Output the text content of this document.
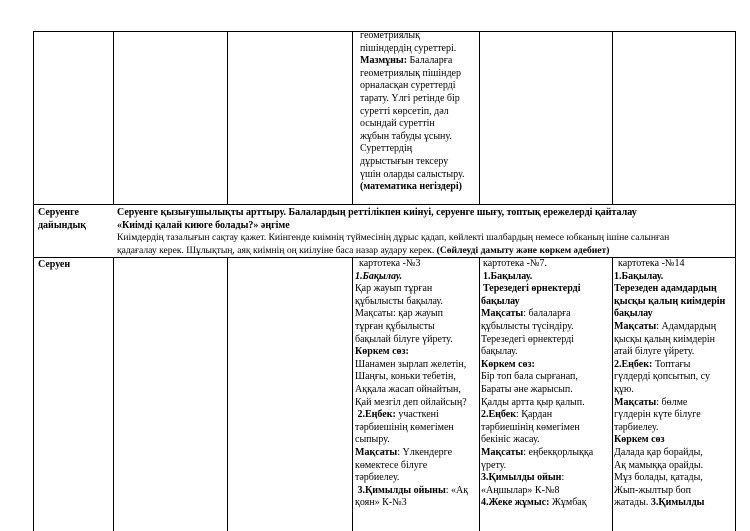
геометриялық

пішіндердің суреттері.

Мазмұны: Балаларға

геометриялық пішіндер

орналасқан суреттерді

тарату. Үлгі ретінде бір

суретті көрсетіп, дәл

осындай суреттін

жұбын табуды ұсыну.

Суреттердің

дұрыстығын тексеру

үшін оларды салыстыру.

(математика негіздері)

Серуенге

дайындық

Серуенге қызығушылықты арттыру. Балалардың реттілікпен киінуі, серуенге шығу, топтық ережелерді қайталау

«Киімді қалай киюге болады?» әңгіме

Киімдердің тазалығын сақтау қажет. Киінгенде киімнің түймесінің дұрыс қадап, көйлекті шалбардың немесе юбканың ішіне салынған

қадағалау керек. Шұлықтың, аяқ киімнің оң киілуіне баса назар аудару керек. (Сөйлеуді дамыту және көркем әдебиет)

Серуен	картотека -№3

1.Бақылау.

Қар жауып тұрған

құбылысты бақылау.

Мақсаты: қар жауып

тұрған құбылысты

бақылай білуге үйрету.

Көркем сөз:

Шанамен зырлап желетін,

Шаңғы, коньки тебетін,

Аққала жасап ойнайтын,

Қай мезгіл деп ойлайсың?

2.Еңбек: участкені

тәрбиешінің көмегімен

сыпыру.

Мақсаты: Үлкендерге

көмектесе білуге

тәрбиелеу.

3.Қимылды ойыны: «Ақ

қоян» К-№3

картотека -№7.

1.Бақылау.

Терезедегі өрнектерді

бақылау

Мақсаты: балаларға

құбылысты түсіндіру.

Терезедегі өрнектерді

бақылау.

Көркем сөз:

Бір топ бала сырғанап,

Бараты әне жарысып.

Қалды артта қыр қалып.

2.Еңбек: Қардан

тәрбиешінің көмегімен

бекініс жасау.

Мақсаты: еңбекқорлыққа

үрету.

3.Қимылды ойын:

«Аңшылар» К-№8

4.Жеке жұмыс: Жұмбақ

картотека -№14

1.Бақылау.

Терезеден адамдардың

қысқы қалың киімдерін

бақылау

Мақсаты: Адамдардың

қысқы қалың киімдерін

атай білуге үйрету.

2.Еңбек: Топтағы

гүлдерді қопсытып, су

құю.

Мақсаты: бөлме

гүлдерін күте білуге

тәрбиелеу.

Көркем сөз

Далада қар борайды,

Ақ мамыққа орайды.

Мұз болады, қатады,

Жып-жылтыр боп

жатады. 3.Қимылды
